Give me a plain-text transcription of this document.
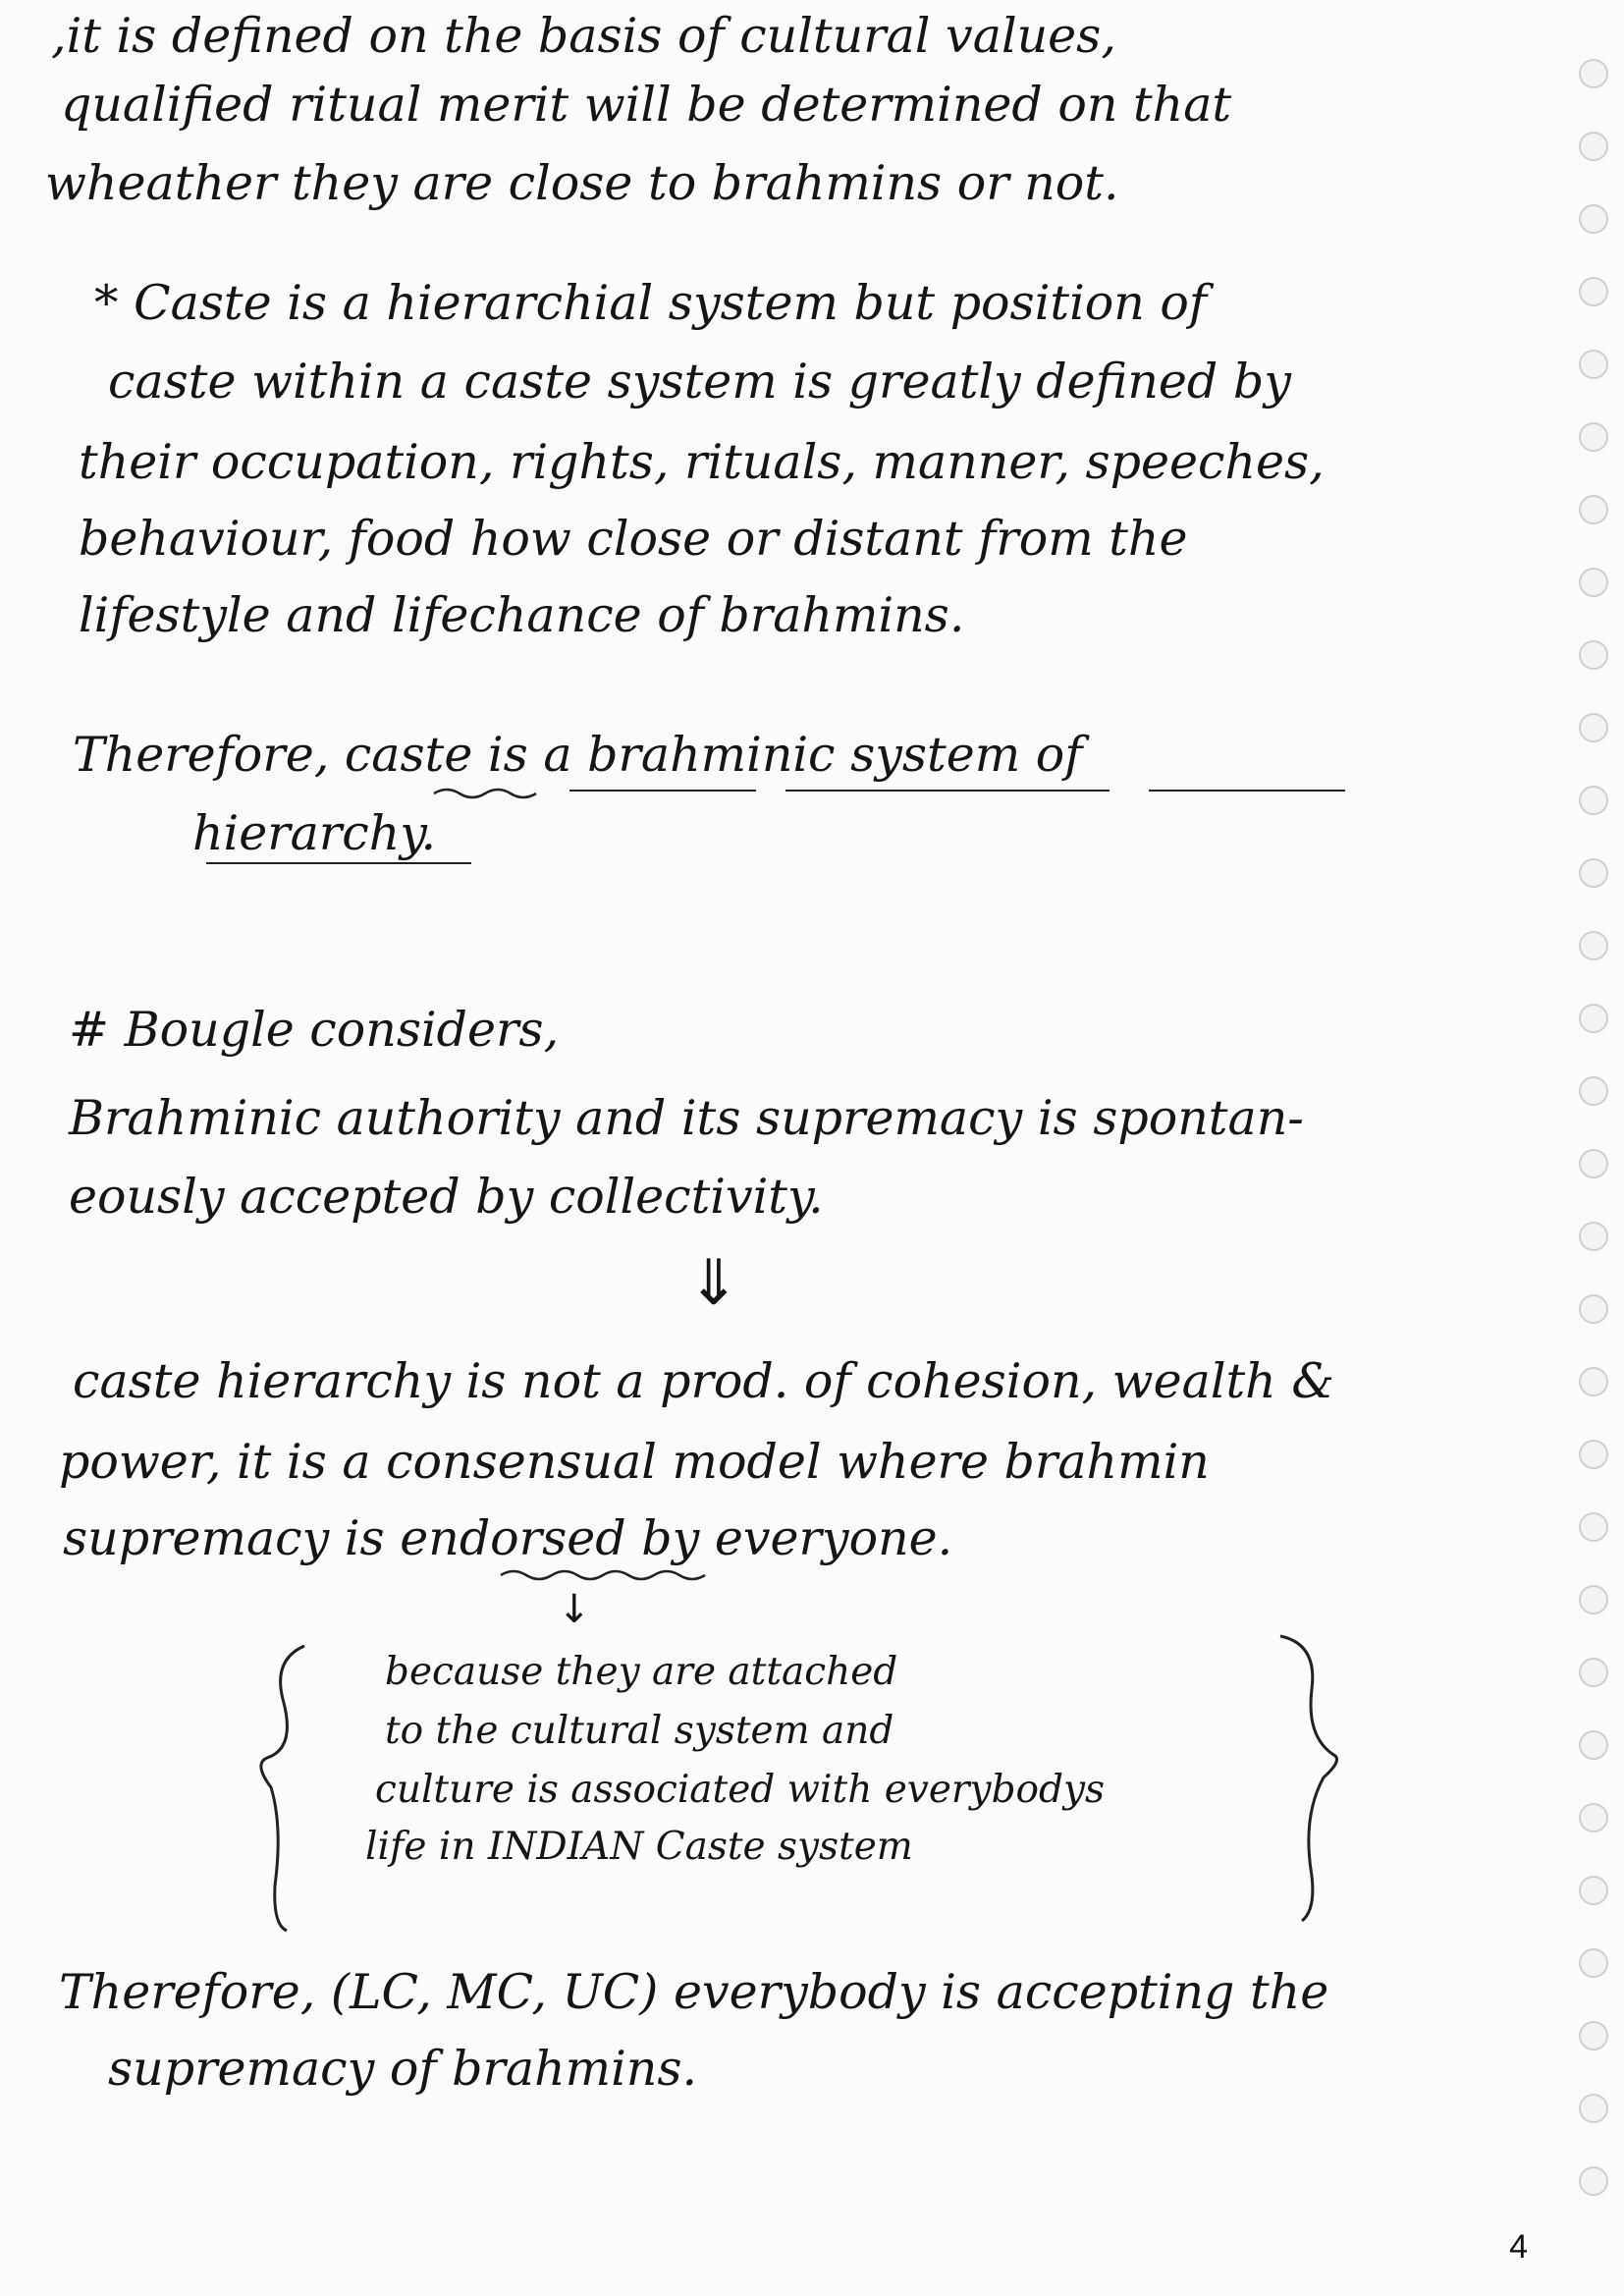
,it is defined on the basis of cultural values,
qualified ritual merit will be determined on that
wheather they are close to brahmins or not.
* Caste is a hierarchial system but position of
caste within a caste system is greatly defined by
their occupation, rights, rituals, manner, speeches,
behaviour, food how close or distant from the
lifestyle and lifechance of brahmins.
Therefore, caste is a brahminic system of
hierarchy.
# Bougle considers,
Brahminic authority and its supremacy is spontan-
eously accepted by collectivity.
⇓
caste hierarchy is not a prod. of cohesion, wealth &
power, it is a consensual model where brahmin
supremacy is endorsed by everyone.
↓
because they are attached
to the cultural system and
culture is associated with everybodys
life in INDIAN Caste system
Therefore, (LC, MC, UC) everybody is accepting the
supremacy of brahmins.
4
